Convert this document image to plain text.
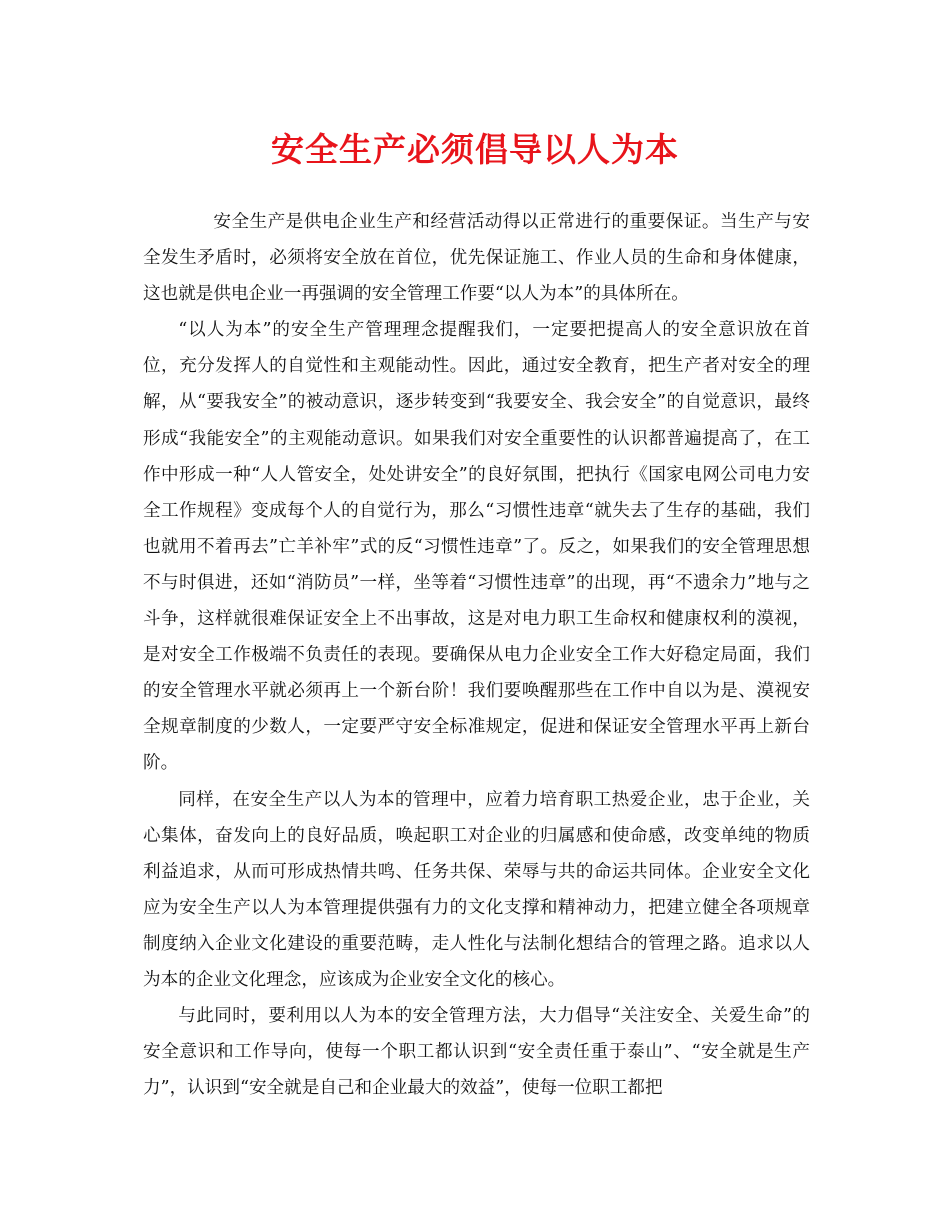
安全生产必须倡导以人为本

安全生产是供电企业生产和经营活动得以正常进行的重要保证。当生产与安全发生矛盾时，必须将安全放在首位，优先保证施工、作业人员的生命和身体健康，这也就是供电企业一再强调的安全管理工作要“以人为本”的具体所在。

“以人为本”的安全生产管理理念提醒我们，一定要把提高人的安全意识放在首位，充分发挥人的自觉性和主观能动性。因此，通过安全教育，把生产者对安全的理解，从“要我安全”的被动意识，逐步转变到“我要安全、我会安全”的自觉意识，最终形成“我能安全”的主观能动意识。如果我们对安全重要性的认识都普遍提高了，在工作中形成一种“人人管安全，处处讲安全”的良好氛围，把执行《国家电网公司电力安全工作规程》变成每个人的自觉行为，那么“习惯性违章“就失去了生存的基础，我们也就用不着再去”亡羊补牢”式的反“习惯性违章”了。反之，如果我们的安全管理思想不与时俱进，还如“消防员”一样，坐等着“习惯性违章”的出现，再“不遗余力”地与之斗争，这样就很难保证安全上不出事故，这是对电力职工生命权和健康权利的漠视，是对安全工作极端不负责任的表现。要确保从电力企业安全工作大好稳定局面，我们的安全管理水平就必须再上一个新台阶！我们要唤醒那些在工作中自以为是、漠视安全规章制度的少数人，一定要严守安全标准规定，促进和保证安全管理水平再上新台阶。

同样，在安全生产以人为本的管理中，应着力培育职工热爱企业，忠于企业，关心集体，奋发向上的良好品质，唤起职工对企业的归属感和使命感，改变单纯的物质利益追求，从而可形成热情共鸣、任务共保、荣辱与共的命运共同体。企业安全文化应为安全生产以人为本管理提供强有力的文化支撑和精神动力，把建立健全各项规章制度纳入企业文化建设的重要范畴，走人性化与法制化想结合的管理之路。追求以人为本的企业文化理念，应该成为企业安全文化的核心。

与此同时，要利用以人为本的安全管理方法，大力倡导“关注安全、关爱生命”的安全意识和工作导向，使每一个职工都认识到“安全责任重于泰山”、“安全就是生产力”，认识到“安全就是自己和企业最大的效益”，使每一位职工都把
